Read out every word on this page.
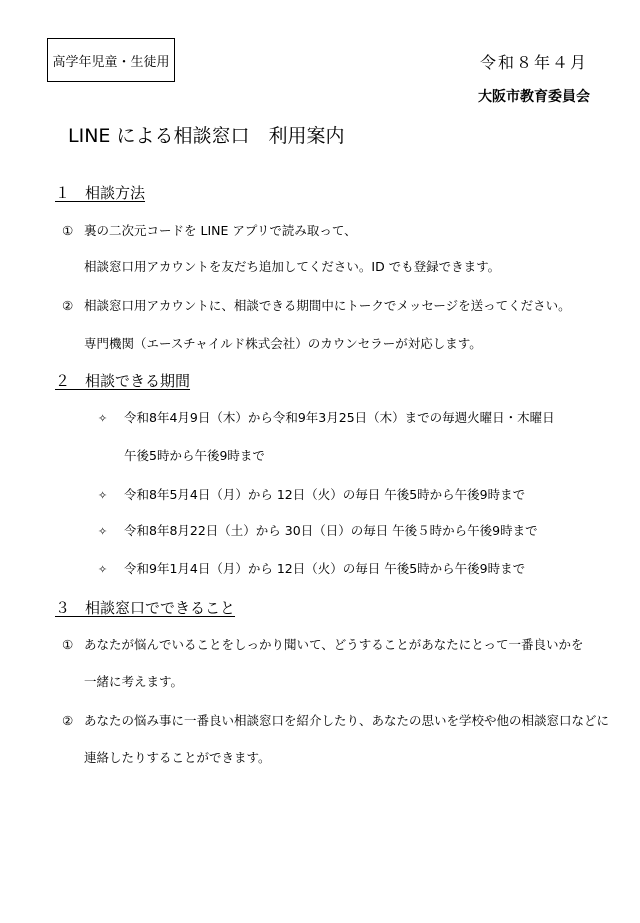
高学年児童・生徒用	令和８年４月
大阪市教育委員会
LINE による相談窓口　利用案内
１　相談方法
① 裏の二次元コードを LINE アプリで読み取って、
相談窓口用アカウントを友だち追加してください。ID でも登録できます。
② 相談窓口用アカウントに、相談できる期間中にトークでメッセージを送ってください。
専門機関（エースチャイルド株式会社）のカウンセラーが対応します。
２　相談できる期間
✧ 令和8年4月9日（木）から令和9年3月25日（木）までの毎週火曜日・木曜日
午後5時から午後9時まで
✧ 令和8年5月4日（月）から 12日（火）の毎日 午後5時から午後9時まで
✧ 令和8年8月22日（土）から 30日（日）の毎日 午後５時から午後9時まで
✧ 令和9年1月4日（月）から 12日（火）の毎日 午後5時から午後9時まで
３　相談窓口でできること
① あなたが悩んでいることをしっかり聞いて、どうすることがあなたにとって一番良いかを
一緒に考えます。
② あなたの悩み事に一番良い相談窓口を紹介したり、あなたの思いを学校や他の相談窓口などに
連絡したりすることができます。
